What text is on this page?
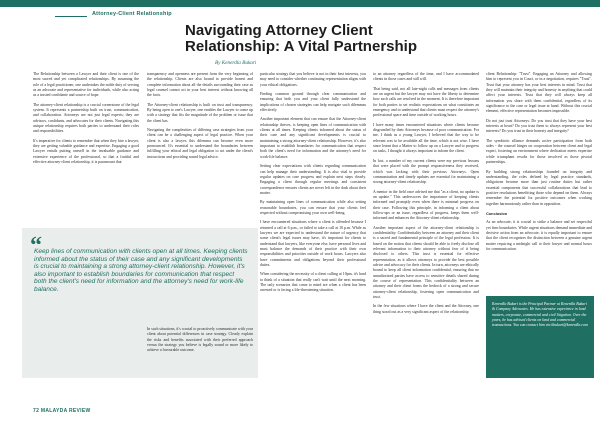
Attorney-Client Relationship
Navigating Attorney Client Relationship: A Vital Partnership
By Kenerdla Bukari

The Relationship between a Lawyer and their client is one of the most sacred and yet complicated relationships. By assuming the role of a legal practitioner, one undertakes the noble duty of serving as an advocate and representative for individuals, while also acting as a trusted confidante and source of hope.

The attorney-client relationship is a crucial cornerstone of the legal system. It represents a partnership built on trust, communication, and collaboration. Attorneys are not just legal experts; they are advisors, confidants, and advocates for their clients. Navigating this unique relationship requires both parties to understand their roles and responsibilities.

It's imperative for clients to remember that when they hire a lawyer, they are getting valuable guidance and expertise. Engaging a good Lawyer entails putting oneself in the invaluable guidance and extensive experience of the professional, so that a fruitful and effective attorney-client relationship, it is paramount that

transparency and openness are present from the very beginning of the relationship. Clients are also bound to provide honest and complete information about all the details surrounding their case as legal counsel cannot act in your best interest without knowing all the facts.

The Attorney-client relationship is built on trust and transparency. By being open to one's Lawyer, one enables the Lawyer to come up with a strategy that fits the magnitude of the problem or issue that the client has.

Navigating the complexities of differing case strategies from your client can be a challenging aspect of legal practice. When your client is also a lawyer, this dilemma can become even more pronounced. It's essential to understand the boundaries between fulfilling your ethical and legal obligation to act under the client's instructions and providing sound legal advice.

“
Keep lines of communication with clients open at all times. Keeping clients informed about the status of their case and any significant developments is crucial to maintaining a strong attorney-client relationship. However, it's also important to establish boundaries for communication that respect both the client's need for information and the attorney's need for work-life balance.

In such situations, it's crucial to proactively communicate with your client about potential differences in case strategy. Clearly explain the risks and benefits associated with their preferred approach versus the strategy you believe is legally sound or more likely to achieve a favourable outcome.

particular strategy that you believe is not in their best interests, you may need to consider whether continuing representation aligns with your ethical obligations.

Finding common ground through clear communication and ensuring that both you and your client fully understand the implications of chosen strategies can help navigate such dilemmas effectively.

Another important element that can ensure that the Attorney-client relationship thrives, is keeping open lines of communication with clients at all times. Keeping clients informed about the status of their case and any significant developments is crucial to maintaining a strong attorney-client relationship. However, it's also important to establish boundaries for communication that respect both the client's need for information and the attorney's need for work-life balance.

Setting clear expectations with clients regarding communication can help manage their understanding. It is also vital to provide regular updates on case progress and explain next steps clearly. Engaging a client through regular meetings and consistent correspondence ensures clients are never left in the dark about their matter.

By maintaining open lines of communication while also setting reasonable boundaries, you can ensure that your clients feel respected without compromising your own well-being.

I have encountered situations where a client is offended because I returned a call at 6 p.m., or failed to take a call at 10 p.m. While as lawyers we are expected to understand the nature of urgency that some client's legal issues may have, it's important for clients to understand that lawyers, like everyone else, have personal lives and must balance the demands of their practice with their own responsibilities and priorities outside of work hours. Lawyers also have commitments and obligations beyond their professional duties.

When considering the necessity of a client calling at 10pm, it's hard to think of a situation that really can't wait until the next morning. The only scenarios that come to mind are when a client has been arrested or is facing a life-threatening situation.

to an attorney regardless of the time, and I have accommodated clients in those cases and still will.

That being said, not all late-night calls and messages from clients are an urgent but the lawyer may not have the liberty to determine how such calls are resolved in the moment. It is therefore important for both parties to set realistic expectations on what constitutes an emergency and to understand that clients must respect the attorney's professional space and time outside of working hours.

I have many times encountered situations where clients become disgruntled by their Attorneys because of poor communication. For me, I think as a young Lawyer, I believed that the way to be relevant was to be available all the time, which is not wise. I have since learnt that a Matter to follow up on a Lawyer and to progress on tasks, I thought it always important to inform the client.

In fact, a number of my current clients were my previous lessons that were placed with the prompt responsiveness they received, which was lacking with their previous Attorneys. Open communication and timely updates are essential for maintaining a strong attorney-client relationship.

A mentor in the field once advised me that "as a client, no update is an update." This underscores the importance of keeping clients informed and promptly even when there is minimal progress on their case. Following this principle, in informing a client about follow-ups or an issue, regardless of progress, keeps them well-informed and enhances the Attorney-client relationship.

Another important aspect of the attorney-client relationship is confidentiality. Confidentiality between an attorney and their client is a sacred and fundamental principle of the legal profession. It is based on the notion that clients should be able to freely disclose all relevant information to their attorney without fear of it being disclosed to others. This trust is essential for effective representation, as it allows attorneys to provide the best possible advice and advocacy for their clients. In turn, attorneys are ethically bound to keep all client information confidential, ensuring that no unauthorized parties have access to sensitive details shared during the course of representation. This confidentiality between an attorney and their client forms the bedrock of a strong and secure attorney-client relationship, fostering open communication and trust.

In the few situations where I have the client and the Attorney, one thing stood out as a very significant aspect of the relationship

client Relationship: "Trust". Engaging an Attorney and allowing him to represent you in Court, or in a negotiation, requires "Trust". Trust that your attorney has your best interests in mind. Trust that they will maintain their integrity and honesty in anything that could affect your interests. Trust that they will always keep all information you share with them confidential, regardless of its significance to the case or legal issue at hand. Without this crucial element, effective representation becomes impossible.

Do not just trust Attorneys. Do you trust that they have your best interests at heart? Do you trust them to always represent your best interests? Do you trust in their honesty and integrity?

The symbiotic alliance demands active participation from both sides - the counsel hinges on cooperation between client and legal expert, fostering an environment where dedication meets expertise while triumphant results for those involved as those pivotal partnerships.

By building strong relationships founded on integrity and understanding, the roles defined by legal practice standards, obligations become more than just routine duties but rather essential components that successful collaborations that lead to positive resolutions benefitting those who depend on them. Always remember the potential for positive outcomes when working together harmoniously rather than in opposition.

Conclusion

As an advocate, it is crucial to strike a balance and set respectful yet firm boundaries. While urgent situations demand immediate and decisive action from an advocate, it is equally important to ensure that the client recognizes the distinction between a genuine urgent matter requiring a midnight call to their lawyer and normal hours for communication.

Kenerdla Bukari is the Principal Partner at Kenerdla Bukari & Company Advocates. He has extensive experience in land matters, corporate, commercial and civil litigation. Over the years, he has advised clients on land and commercial transactions. You can contact him via kbukari@kenerdla.com
72 MALAYDA REVIEW
